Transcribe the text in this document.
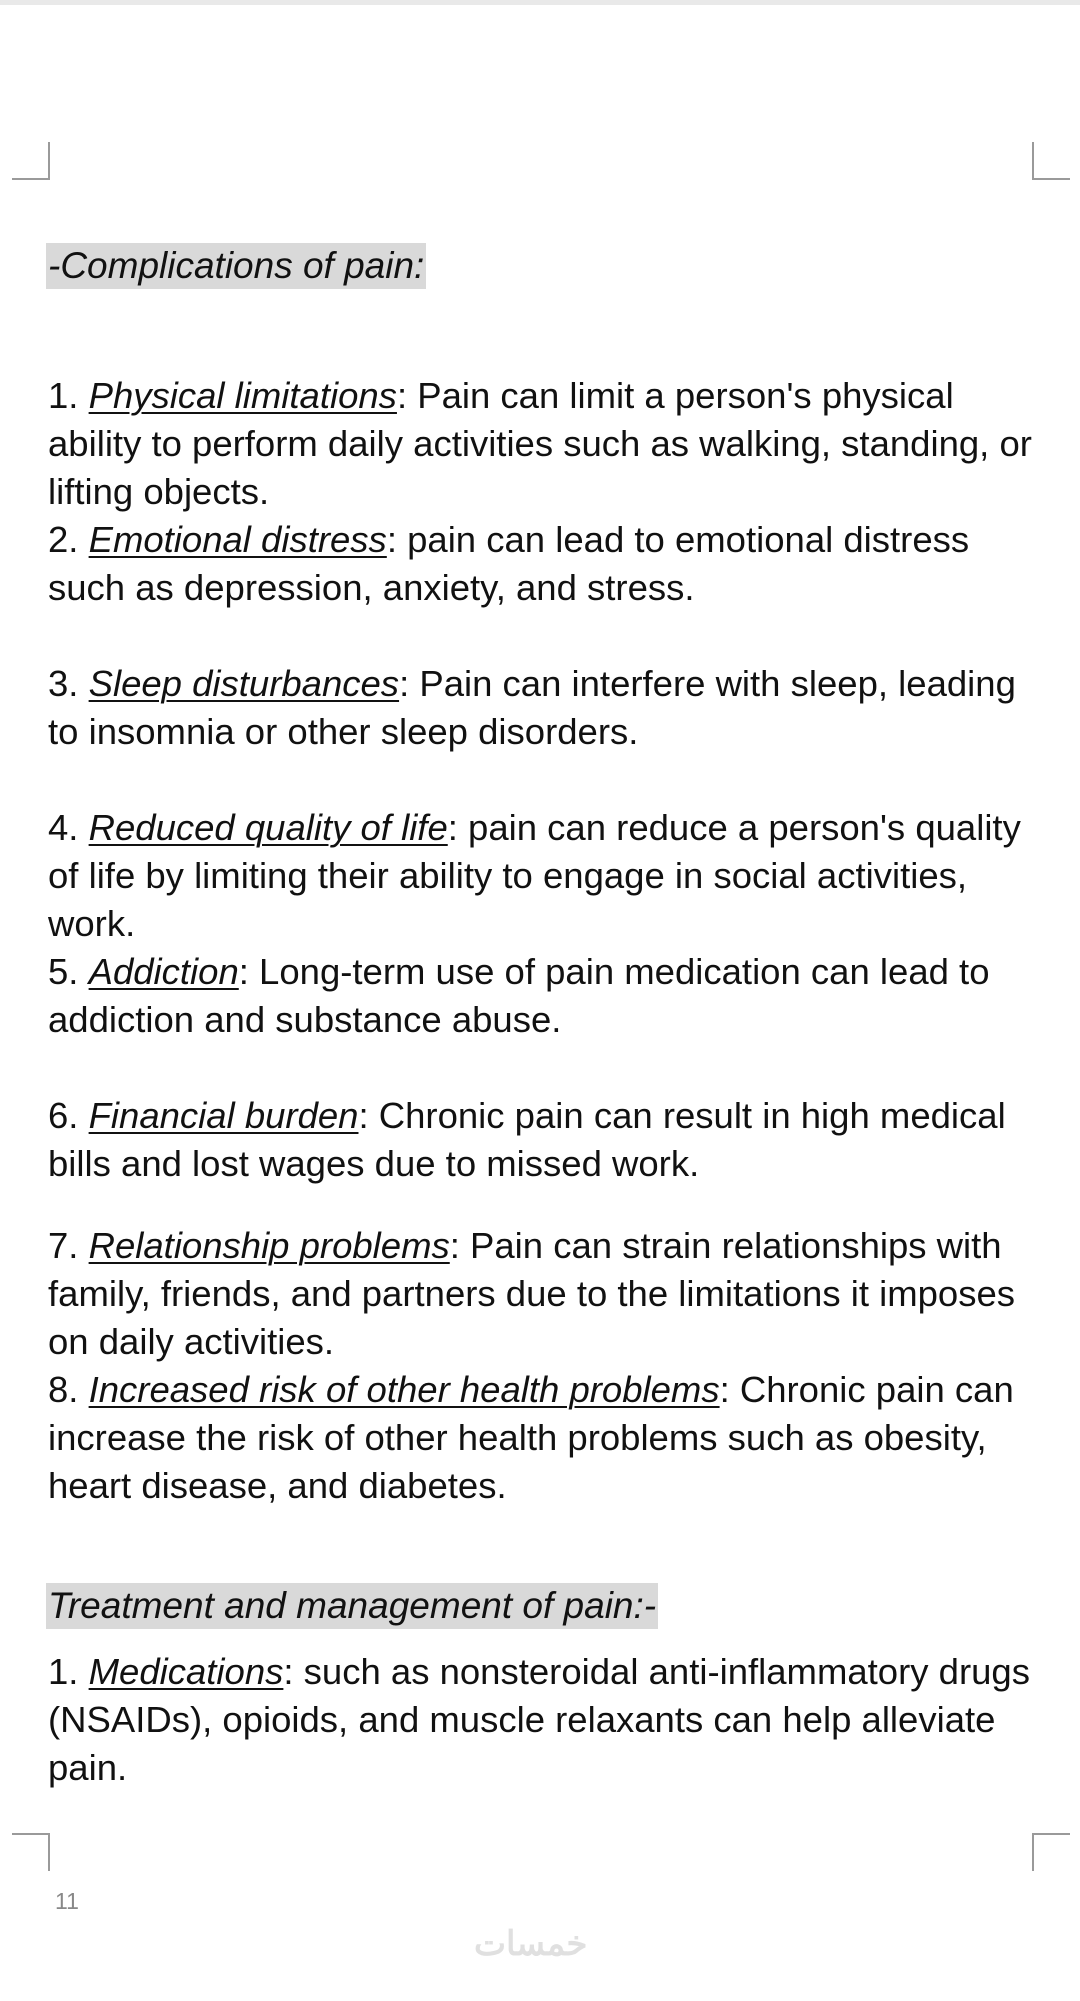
-Complications of pain:

1. Physical limitations: Pain can limit a person's physical ability to perform daily activities such as walking, standing, or lifting objects.

2. Emotional distress: pain can lead to emotional distress such as depression, anxiety, and stress.

3. Sleep disturbances: Pain can interfere with sleep, leading to insomnia or other sleep disorders.

4. Reduced quality of life: pain can reduce a person's quality of life by limiting their ability to engage in social activities, work.

5. Addiction: Long-term use of pain medication can lead to addiction and substance abuse.

6. Financial burden: Chronic pain can result in high medical bills and lost wages due to missed work.

7. Relationship problems: Pain can strain relationships with family, friends, and partners due to the limitations it imposes on daily activities.

8. Increased risk of other health problems: Chronic pain can increase the risk of other health problems such as obesity, heart disease, and diabetes.

Treatment and management of pain:-

1. Medications: such as nonsteroidal anti-inflammatory drugs (NSAIDs), opioids, and muscle relaxants can help alleviate pain.

11
خمسات
